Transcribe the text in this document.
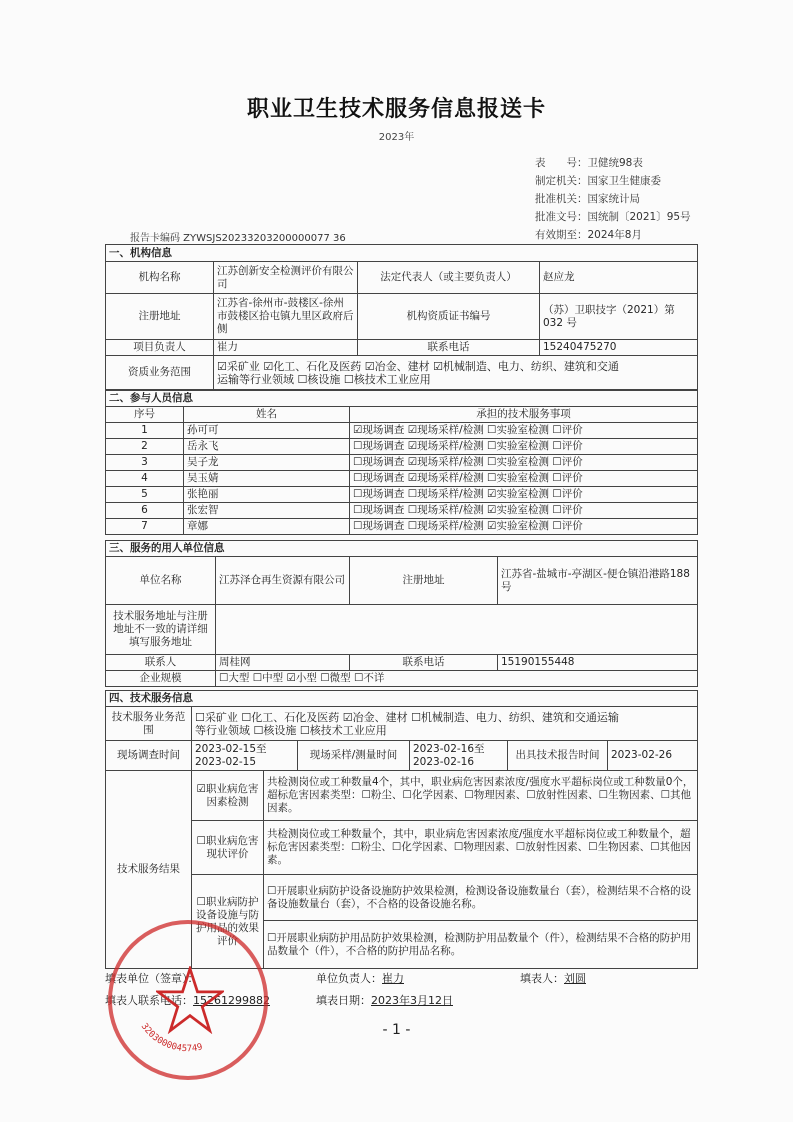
职业卫生技术服务信息报送卡
2023年
表　　号：卫健统98表
制定机关：国家卫生健康委
批准机关：国家统计局
批准文号：国统制〔2021〕95号
有效期至：2024年8月
报告卡编码 ZYWSJS20233203200000077 36
一、机构信息			
机构名称	江苏创新安全检测评价有限公司	法定代表人（或主要负责人）	赵应龙
注册地址	江苏省-徐州市-鼓楼区-徐州市鼓楼区拾屯镇九里区政府后侧	机构资质证书编号	（苏）卫职技字（2021）第032 号
项目负责人	崔力	联系电话	15240475270
资质业务范围	☑采矿业 ☑化工、石化及医药 ☑冶金、建材 ☑机械制造、电力、纺织、建筑和交通
运输等行业领域 ☐核设施 ☐核技术工业应用		
二、参与人员信息		
序号	姓名	承担的技术服务事项
1	孙可可	☑现场调查 ☑现场采样/检测 ☐实验室检测 ☐评价
2	岳永飞	☐现场调查 ☑现场采样/检测 ☐实验室检测 ☐评价
3	吴子龙	☐现场调查 ☑现场采样/检测 ☐实验室检测 ☐评价
4	吴玉婧	☐现场调查 ☑现场采样/检测 ☐实验室检测 ☐评价
5	张艳丽	☐现场调查 ☐现场采样/检测 ☑实验室检测 ☐评价
6	张宏智	☐现场调查 ☐现场采样/检测 ☑实验室检测 ☐评价
7	章娜	☐现场调查 ☐现场采样/检测 ☑实验室检测 ☐评价
三、服务的用人单位信息			
单位名称	江苏泽仓再生资源有限公司	注册地址	江苏省-盐城市-亭湖区-便仓镇沿港路188号
技术服务地址与注册地址不一致的请详细填写服务地址			
联系人	周桂网	联系电话	15190155448
企业规模	☐大型 ☐中型 ☑小型 ☐微型 ☐不详		
四、技术服务信息						
技术服务业务范围	☐采矿业 ☐化工、石化及医药 ☑冶金、建材 ☐机械制造、电力、纺织、建筑和交通运输
等行业领域 ☐核设施 ☐核技术工业应用					

现场调查时间	2023-02-15至2023-02-15		现场采样/测量时间	2023-02-16至2023-02-16	出具技术报告时间	2023-02-26
技术服务结果	☑职业病危害因素检测	共检测岗位或工种数量4个，其中，职业病危害因素浓度/强度水平超标岗位或工种数量0个，超标危害因素类型：☐粉尘、☐化学因素、☐物理因素、☐放射性因素、☐生物因素、☐其他因素。				
	☐职业病危害现状评价	共检测岗位或工种数量个，其中，职业病危害因素浓度/强度水平超标岗位或工种数量个，超标危害因素类型：☐粉尘、☐化学因素、☐物理因素、☐放射性因素、☐生物因素、☐其他因素。				
	☐职业病防护设备设施与防护用品的效果评价	☐开展职业病防护设备设施防护效果检测，检测设备设施数量台（套），检测结果不合格的设备设施数量台（套），不合格的设备设施名称。				
		☐开展职业病防护用品防护效果检测，检测防护用品数量个（件），检测结果不合格的防护用品数量个（件），不合格的防护用品名称。				
填表单位（签章）：	单位负责人：崔力	填表人：刘圆
填表人联系电话：15261299882	填表日期：2023年3月12日
- 1 -
3203000045749
